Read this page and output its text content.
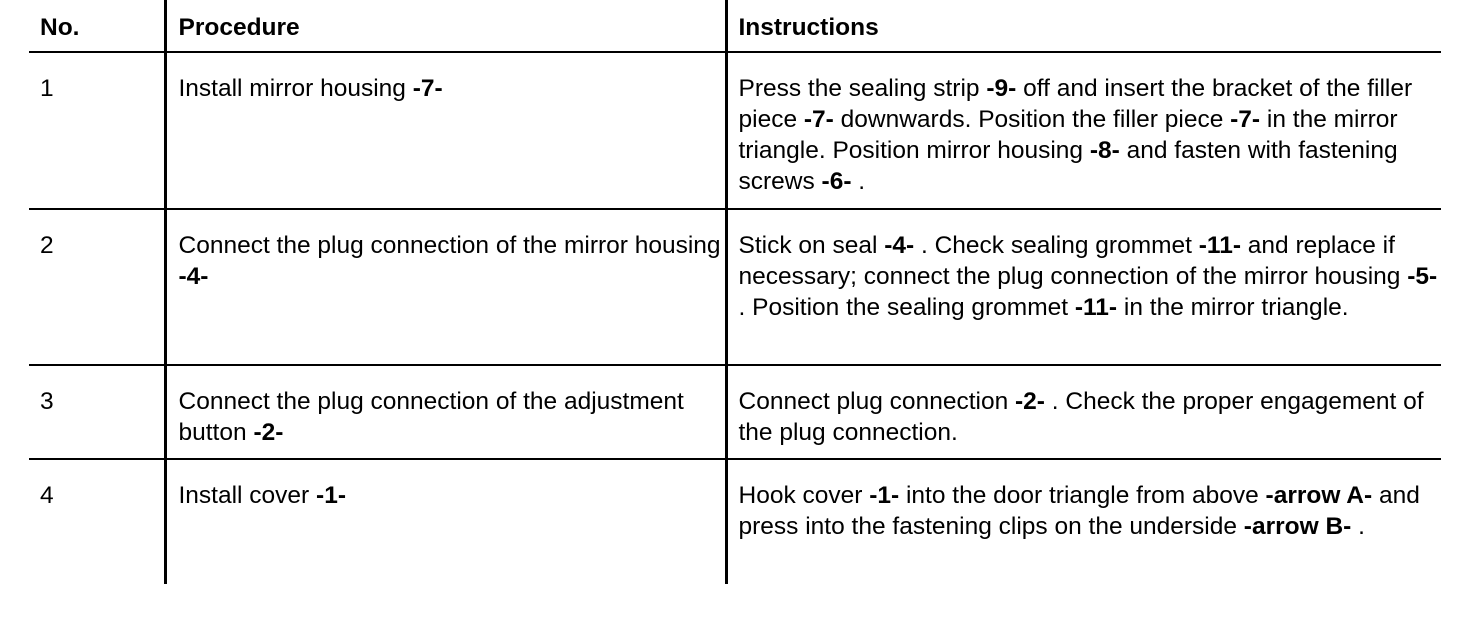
No.	Procedure	Instructions
1	Install mirror housing -7-	Press the sealing strip -9- off and insert the bracket of the filler piece -7- downwards. Position the filler piece -7- in the mirror triangle. Position mirror housing -8- and fasten with fastening screws -6- .
2	Connect the plug connection of the mirror housing -4-	Stick on seal -4- . Check sealing grommet -11- and replace if necessary; connect the plug connection of the mirror housing -5- . Position the sealing grommet -11- in the mirror triangle.
3	Connect the plug connection of the adjustment button -2-	Connect plug connection -2- . Check the proper engagement of the plug connection.
4	Install cover -1-	Hook cover -1- into the door triangle from above -arrow A- and press into the fastening clips on the underside -arrow B- .
